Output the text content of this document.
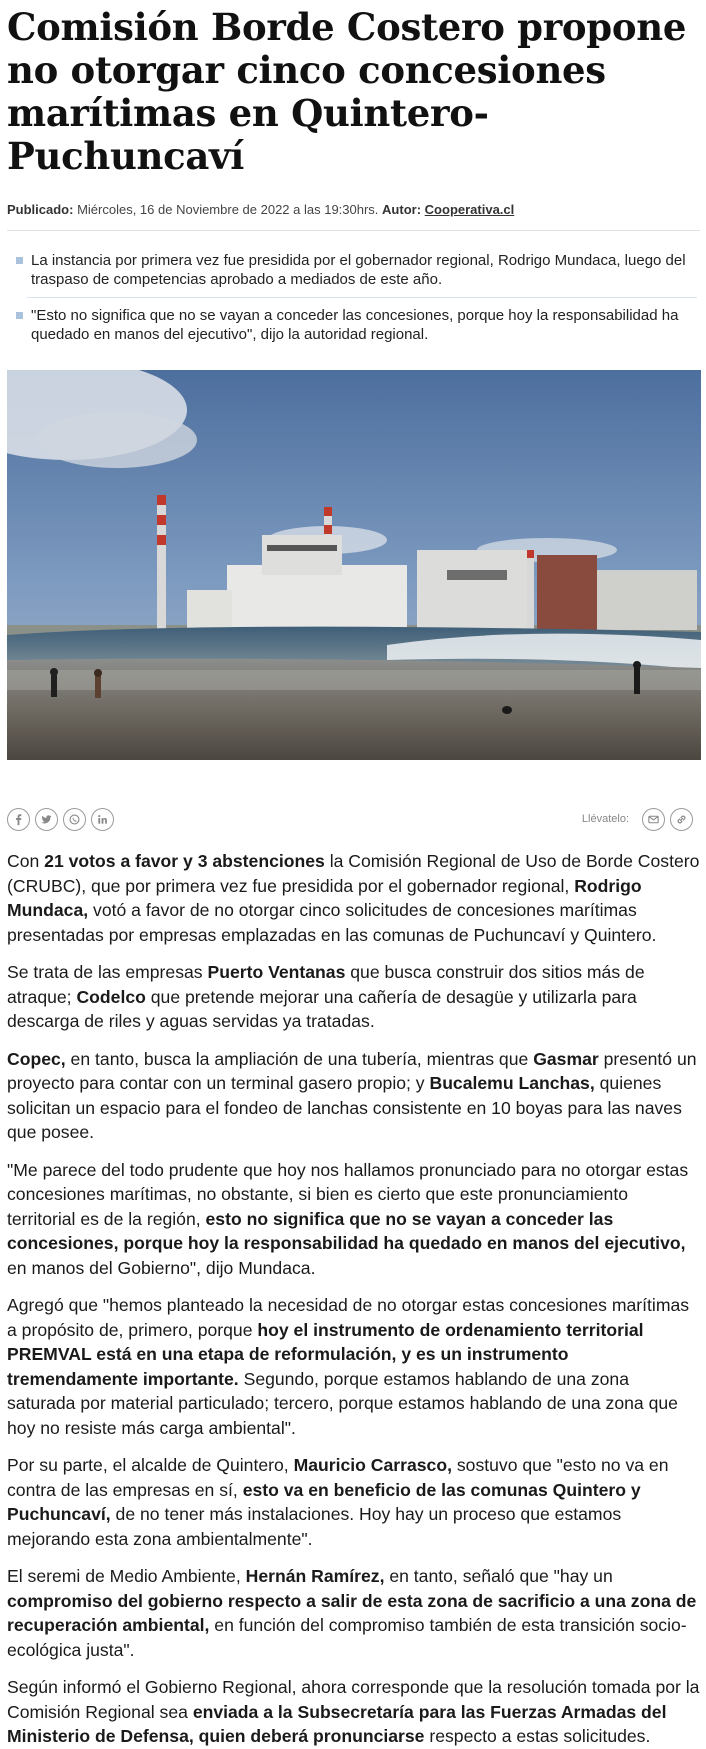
Comisión Borde Costero propone no otorgar cinco concesiones marítimas en Quintero-Puchuncaví
Publicado: Miércoles, 16 de Noviembre de 2022 a las 19:30hrs. Autor: Cooperativa.cl
La instancia por primera vez fue presidida por el gobernador regional, Rodrigo Mundaca, luego del traspaso de competencias aprobado a mediados de este año.
"Esto no significa que no se vayan a conceder las concesiones, porque hoy la responsabilidad ha quedado en manos del ejecutivo", dijo la autoridad regional.
Llévatelo:

Con 21 votos a favor y 3 abstenciones la Comisión Regional de Uso de Borde Costero (CRUBC), que por primera vez fue presidida por el gobernador regional, Rodrigo Mundaca, votó a favor de no otorgar cinco solicitudes de concesiones marítimas presentadas por empresas emplazadas en las comunas de Puchuncaví y Quintero.

Se trata de las empresas Puerto Ventanas que busca construir dos sitios más de atraque; Codelco que pretende mejorar una cañería de desagüe y utilizarla para descarga de riles y aguas servidas ya tratadas.

Copec, en tanto, busca la ampliación de una tubería, mientras que Gasmar presentó un proyecto para contar con un terminal gasero propio; y Bucalemu Lanchas, quienes solicitan un espacio para el fondeo de lanchas consistente en 10 boyas para las naves que posee.

"Me parece del todo prudente que hoy nos hallamos pronunciado para no otorgar estas concesiones marítimas, no obstante, si bien es cierto que este pronunciamiento territorial es de la región, esto no significa que no se vayan a conceder las concesiones, porque hoy la responsabilidad ha quedado en manos del ejecutivo, en manos del Gobierno", dijo Mundaca.

Agregó que "hemos planteado la necesidad de no otorgar estas concesiones marítimas a propósito de, primero, porque hoy el instrumento de ordenamiento territorial PREMVAL está en una etapa de reformulación, y es un instrumento tremendamente importante. Segundo, porque estamos hablando de una zona saturada por material particulado; tercero, porque estamos hablando de una zona que hoy no resiste más carga ambiental".

Por su parte, el alcalde de Quintero, Mauricio Carrasco, sostuvo que "esto no va en contra de las empresas en sí, esto va en beneficio de las comunas Quintero y Puchuncaví, de no tener más instalaciones. Hoy hay un proceso que estamos mejorando esta zona ambientalmente".

El seremi de Medio Ambiente, Hernán Ramírez, en tanto, señaló que "hay un compromiso del gobierno respecto a salir de esta zona de sacrificio a una zona de recuperación ambiental, en función del compromiso también de esta transición socio-ecológica justa".

Según informó el Gobierno Regional, ahora corresponde que la resolución tomada por la Comisión Regional sea enviada a la Subsecretaría para las Fuerzas Armadas del Ministerio de Defensa, quien deberá pronunciarse respecto a estas solicitudes.
